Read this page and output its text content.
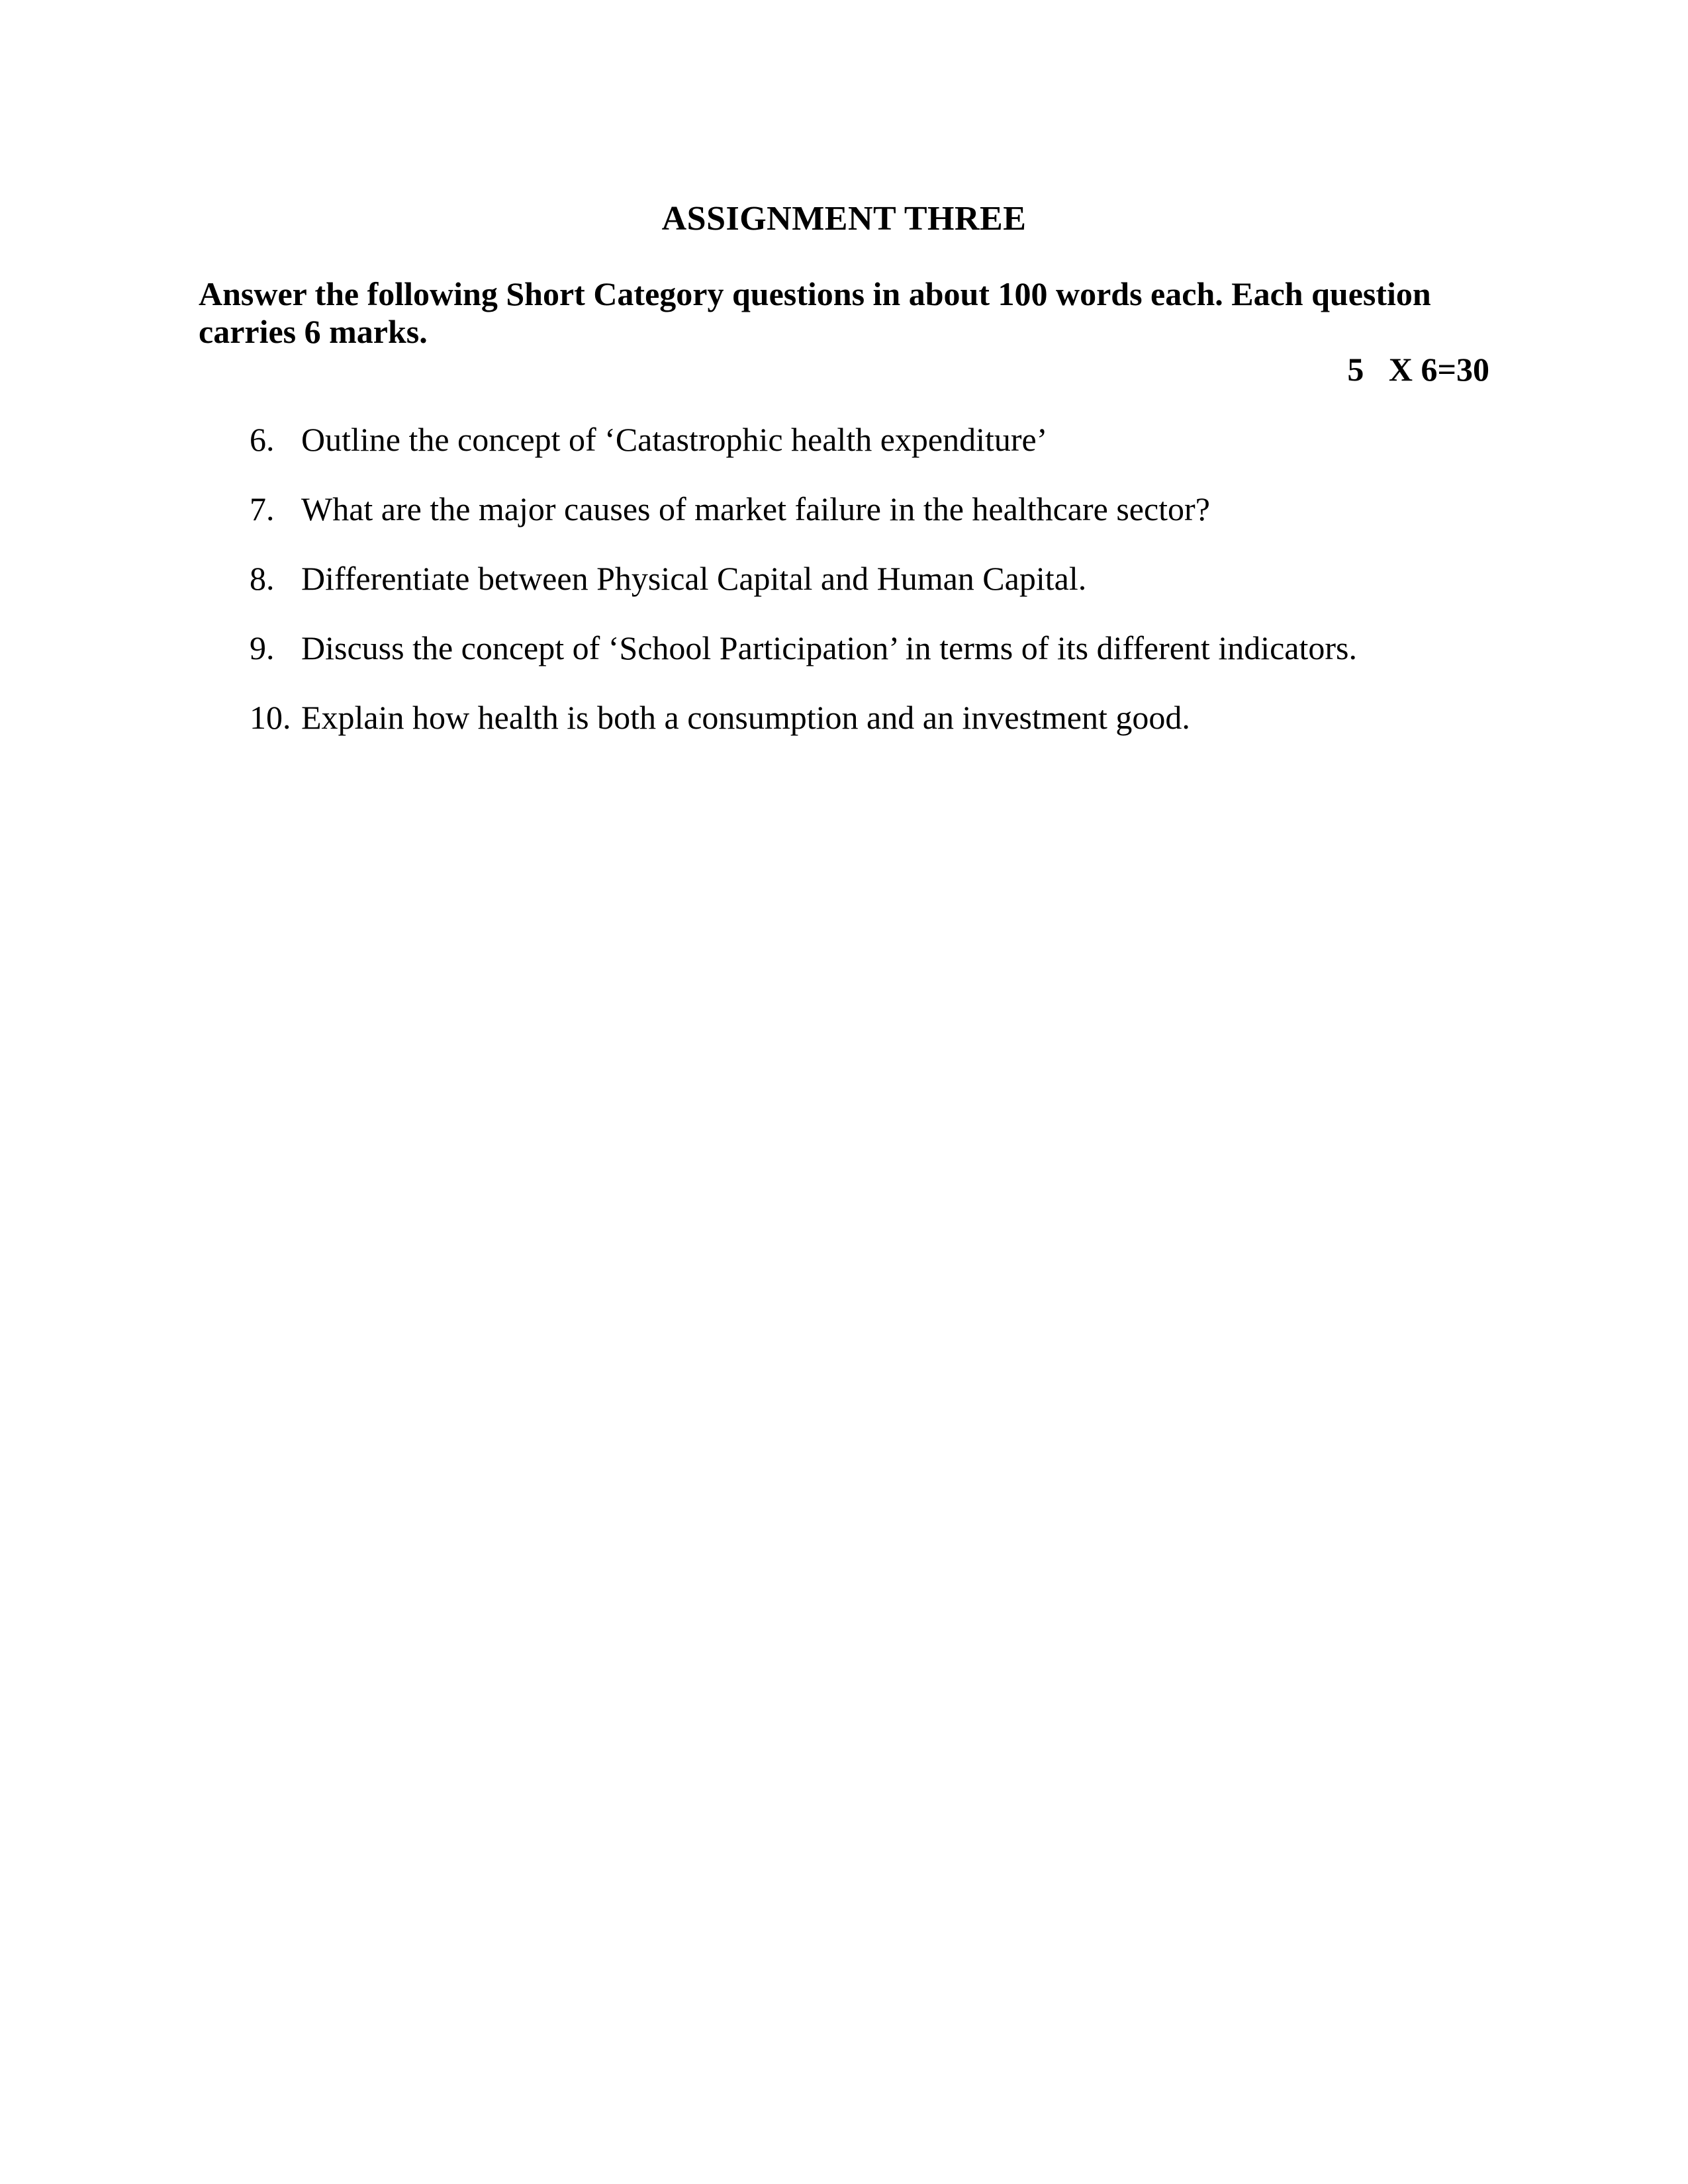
ASSIGNMENT THREE

Answer the following Short Category questions in about 100 words each. Each question
carries 6 marks.

5   X 6=30

6. Outline the concept of ‘Catastrophic health expenditure’
7. What are the major causes of market failure in the healthcare sector?
8. Differentiate between Physical Capital and Human Capital.
9. Discuss the concept of ‘School Participation’ in terms of its different indicators.
10. Explain how health is both a consumption and an investment good.
